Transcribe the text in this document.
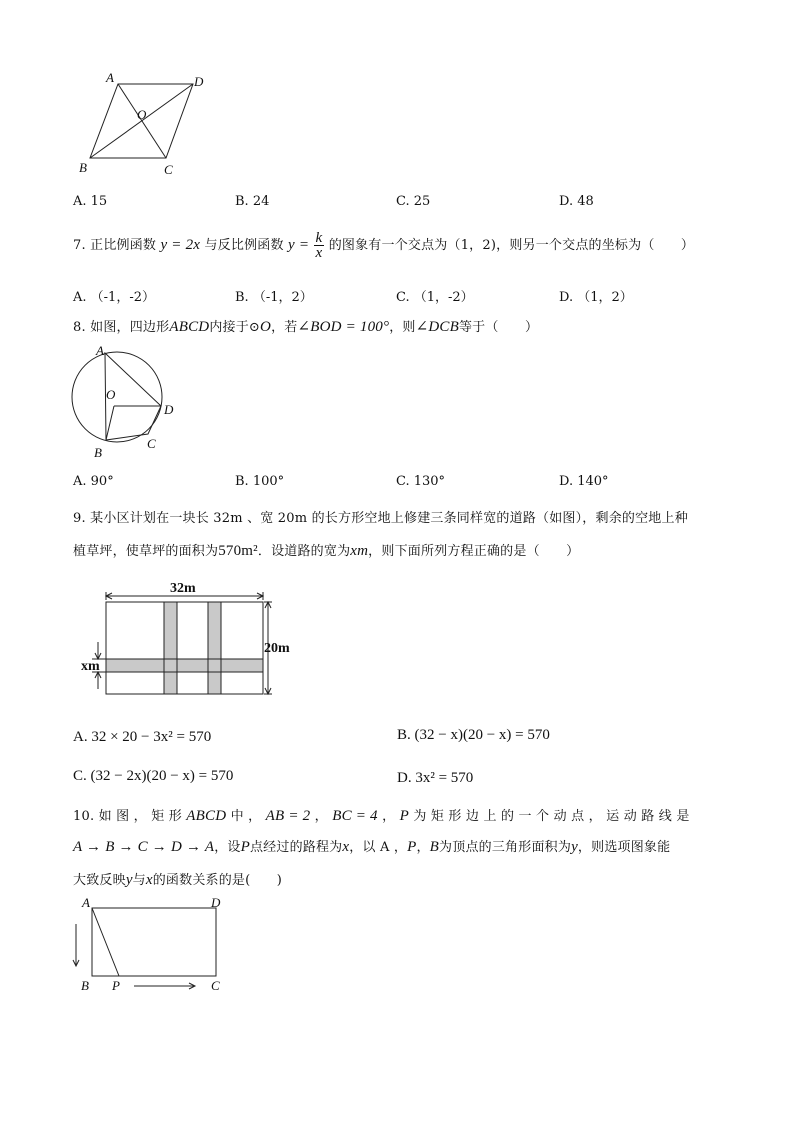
A	D
O
B	C
A. 15	B. 24	C. 25	D. 48
7. 正比例函数 y = 2x 与反比例函数 $y = \frac{k}{x}$ 的图象有一个交点为（1，2)，则另一个交点的坐标为（　　）
A. （-1，-2）	B. （-1，2）	C. （1，-2）	D. （1，2）
8. 如图，四边形ABCD内接于⊙O，若∠BOD = 100°，则∠DCB等于（　　）
A
O
D
B
C
A. 90°	B. 100°	C. 130°	D. 140°
9. 某小区计划在一块长 32m 、宽 20m 的长方形空地上修建三条同样宽的道路（如图），剩余的空地上种
植草坪，使草坪的面积为570m²．设道路的宽为xm，则下面所列方程正确的是（　　）
32m
20m
xm
A. 32 × 20 − 3x² = 570	B. (32 − x)(20 − x) = 570
C. (32 − 2x)(20 − x) = 570	D. 3x² = 570
10. 如 图 ， 矩 形 ABCD 中 ， AB = 2 ， BC = 4 ， P 为 矩 形 边 上 的 一 个 动 点 ， 运 动 路 线 是
A → B → C → D → A，设P点经过的路程为x，以 A ，P，B为顶点的三角形面积为y，则选项图象能
大致反映y与x的函数关系的是(　　)
A	D
B P	C
